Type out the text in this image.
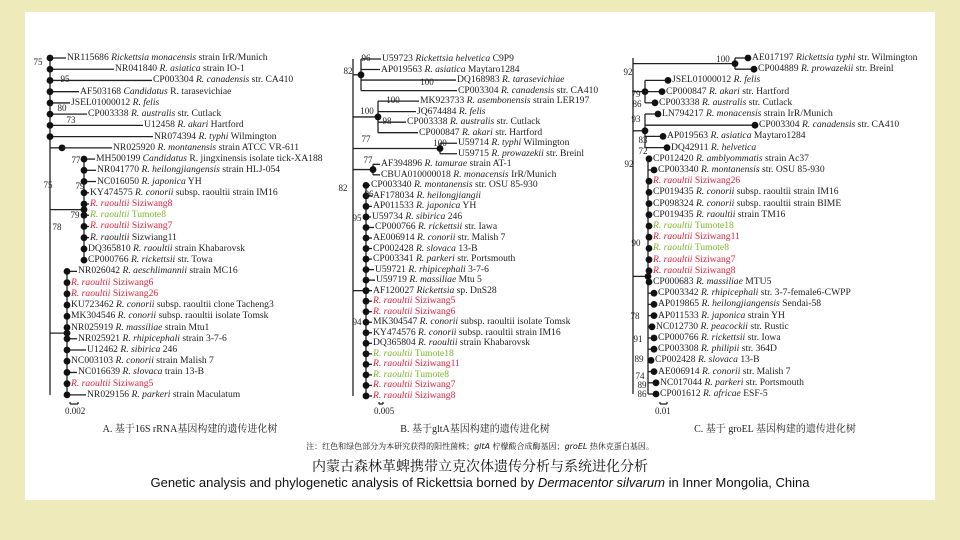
NR115686 Rickettsia monacensis strain IrR/Munich
NR041840 R. asiatica strain IO-1
CP003304 R. canadensis str. CA410
AF503168 Candidatus R. tarasevichiae
JSEL01000012 R. felis
CP003338 R. australis str. Cutlack
U12458 R. akari Hartford
NR074394 R. typhi Wilmington
NR025920 R. montanensis strain ATCC VR-611
MH500199 Candidatus R. jingxinensis isolate tick-XA188
NR041770 R. heilongjiangensis strain HLJ-054
NC016050 R. japonica YH
KY474575 R. conorii subsp. raoultii strain IM16
R. raoultii Siziwang8
R. raoultii Tumote8
R. raoultii Siziwang7
R. raoultii Sizwiang11
DQ365810 R. raoultii strain Khabarovsk
CP000766 R. rickettsii str. Towa
NR026042 R. aeschlimannii strain MC16
R. raoultii Siziwang6
R. raoultii Siziwang26
KU723462 R. conorii subsp. raoultii clone Tacheng3
MK304546 R. conorii subsp. raoultii isolate Tomsk
NR025919 R. massiliae strain Mtu1
NR025921 R. rhipicephali strain 3-7-6
U12462 R. sibirica 246
NC003103 R. conorii strain Malish 7
NC016639 R. slovaca train 13-B
R. raoultii Siziwang5
NR029156 R. parkeri strain Maculatum
75
95
80
73
77
75	79
79
78
0.002
A. 基于16S rRNA基因构建的遗传进化树
U59723 Rickettsia helvetica C9P9
AP019563 R. asiatica Maytaro1284
DQ168983 R. tarasevichiae
CP003304 R. canadensis str. CA410
MK923733 R. asembonensis strain LER197
JQ674484 R. felis
CP003338 R. australis str. Cutlack
CP000847 R. akari str. Hartford
U59714 R. typhi Wilmington
U59715 R. prowazekii str. Breinl
AF394896 R. tamurae strain AT-1
CBUA010000018 R. monacensis IrR/Munich
CP003340 R. montanensis str. OSU 85-930
AF178034 R. heilongjiangii
AP011533 R. japonica YH
U59734 R. sibirica 246
CP000766 R. rickettsii str. Iawa
AE006914 R. conorii str. Malish 7
CP002428 R. slovaca 13-B
CP003341 R. parkeri str. Portsmouth
U59721 R. rhipicephali 3-7-6
U59719 R. massiliae Mtu 5
AF120027 Rickettsia sp. DnS28
R. raoultii Siziwang5
R. raoultii Siziwang6
MK304547 R. conorii subsp. raoultii isolate Tomsk
KY474576 R. conorii subsp. raoultii strain IM16
DQ365804 R. raoultii strain Khabarovsk
R. raoultii Tumote18
R. raoultii Siziwang11
R. raoultii Tumote8
R. raoultii Siziwang7
R. raoultii Siziwang8
96
82
100
100
100
98
77	100
77
82
96
95
94
0.005
B. 基于gltA基因构建的遗传进化树
AE017197 Rickettsia typhi str. Wilmington
CP004889 R. prowazekii str. Breinl
JSEL01000012 R. felis
CP000847 R. akari str. Hartford
CP003338 R. australis str. Cutlack
LN794217 R. monacensis strain IrR/Munich
CP003304 R. canadensis str. CA410
AP019563 R. asiatica Maytaro1284
DQ42911 R. helvetica
CP012420 R. amblyommatis strain Ac37
CP003340 R. montanensis str. OSU 85-930
R. raoultii Siziwang26
CP019435 R. conorii subsp. raoultii strain IM16
CP098324 R. conorii subsp. raoultii strain BIME
CP019435 R. raoultii strain TM16
R. raoultii Tumote18
R. raoultii Siziwang11
R. raoultii Tumote8
R. raoultii Siziwang7
R. raoultii Siziwang8
CP000683 R. massiliae MTU5
CP003342 R. rhipicephali str. 3-7-female6-CWPP
AP019865 R. heilongjiangensis Sendai-58
AP011533 R. japonica strain YH
NC012730 R. peacockii str. Rustic
CP000766 R. rickettsii str. Iowa
CP003308 R. philipii str. 364D
CP002428 R. slovaca 13-B
AE006914 R. conorii str. Malish 7
NC017044 R. parkeri str. Portsmouth
CP001612 R. africae ESF-5
100
92
79
86
93
83
72
92
90
78
91
89
74
89
86
0.01
C. 基于 groEL 基因构建的遗传进化树
注：红色和绿色部分为本研究获得的阳性菌株；gltA 柠檬酸合成酶基因；groEL 热休克蛋白基因。
内蒙古森林革蜱携带立克次体遗传分析与系统进化分析
Genetic analysis and phylogenetic analysis of Rickettsia borned by Dermacentor silvarum in Inner Mongolia, China
